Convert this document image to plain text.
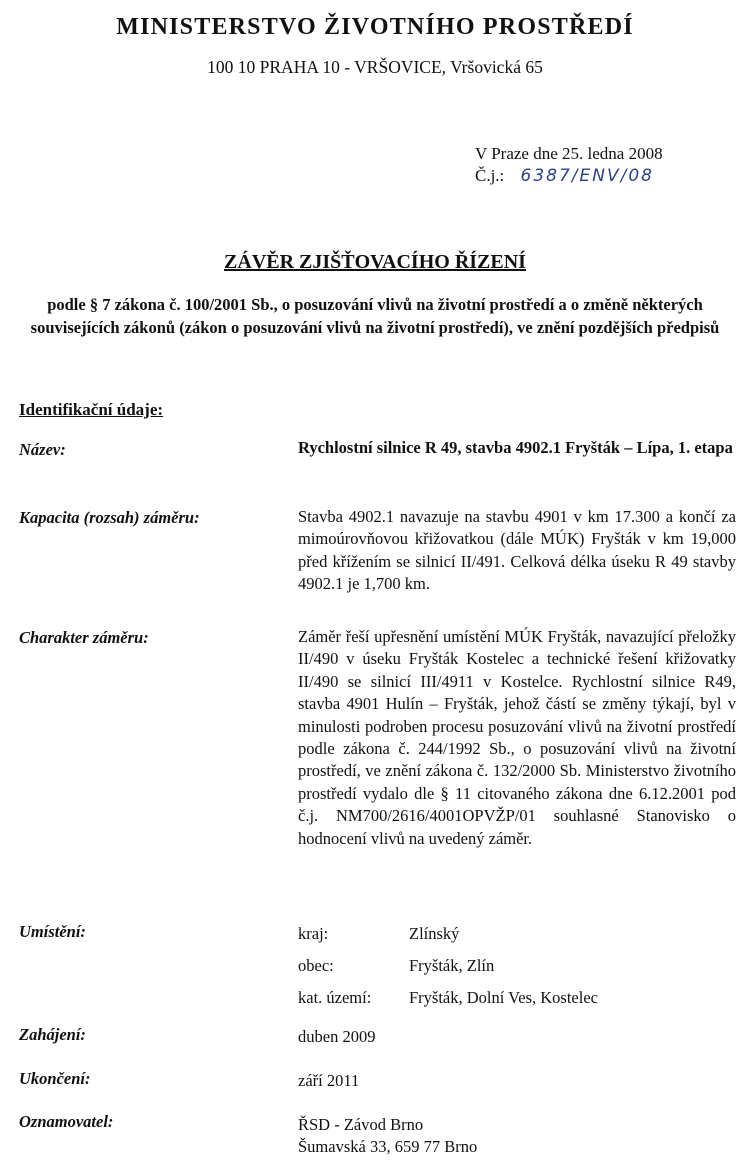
MINISTERSTVO ŽIVOTNÍHO PROSTŘEDÍ
100 10 PRAHA 10 - VRŠOVICE, Vršovická 65
V Praze dne 25. ledna 2008
Č.j.: 6387/ENV/08
ZÁVĚR ZJIŠŤOVACÍHO ŘÍZENÍ
podle § 7 zákona č. 100/2001 Sb., o posuzování vlivů na životní prostředí a o změně některých souvisejících zákonů (zákon o posuzování vlivů na životní prostředí), ve znění pozdějších předpisů
Identifikační údaje:
Název:	Rychlostní silnice R 49, stavba 4902.1 Fryšták – Lípa, 1. etapa
Kapacita (rozsah) záměru:	Stavba 4902.1 navazuje na stavbu 4901 v km 17.300 a končí za mimoúrovňovou křižovatkou (dále MÚK) Fryšták v km 19,000 před křížením se silnicí II/491. Celková délka úseku R 49 stavby 4902.1 je 1,700 km.
Charakter záměru:	Záměr řeší upřesnění umístění MÚK Fryšták, navazující přeložky II/490 v úseku Fryšták Kostelec a technické řešení křižovatky II/490 se silnicí III/4911 v Kostelce. Rychlostní silnice R49, stavba 4901 Hulín – Fryšták, jehož částí se změny týkají, byl v minulosti podroben procesu posuzování vlivů na životní prostředí podle zákona č. 244/1992 Sb., o posuzování vlivů na životní prostředí, ve znění zákona č. 132/2000 Sb. Ministerstvo životního prostředí vydalo dle § 11 citovaného zákona dne 6.12.2001 pod č.j. NM700/2616/4001OPVŽP/01 souhlasné Stanovisko o hodnocení vlivů na uvedený záměr.
Umístění:	kraj:	Zlínský
obec:	Fryšták, Zlín
kat. území: Fryšták, Dolní Ves, Kostelec
Zahájení:	duben 2009
Ukončení:	září 2011
Oznamovatel:	ŘSD - Závod Brno
Šumavská 33, 659 77 Brno
